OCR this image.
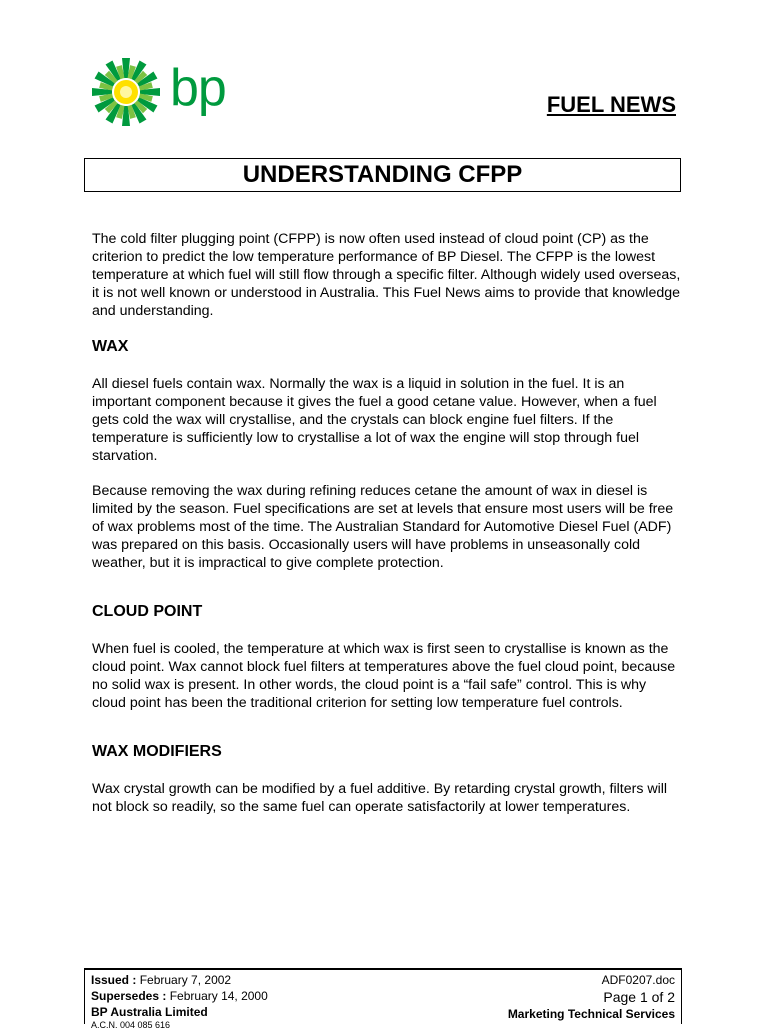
bp	FUEL NEWS
UNDERSTANDING CFPP

The cold filter plugging point (CFPP) is now often used instead of cloud point (CP) as the criterion to predict the low temperature performance of BP Diesel. The CFPP is the lowest temperature at which fuel will still flow through a specific filter. Although widely used overseas, it is not well known or understood in Australia. This Fuel News aims to provide that knowledge and understanding.

WAX

All diesel fuels contain wax. Normally the wax is a liquid in solution in the fuel. It is an important component because it gives the fuel a good cetane value. However, when a fuel gets cold the wax will crystallise, and the crystals can block engine fuel filters. If the temperature is sufficiently low to crystallise a lot of wax the engine will stop through fuel starvation.

Because removing the wax during refining reduces cetane the amount of wax in diesel is limited by the season. Fuel specifications are set at levels that ensure most users will be free of wax problems most of the time. The Australian Standard for Automotive Diesel Fuel (ADF) was prepared on this basis. Occasionally users will have problems in unseasonally cold weather, but it is impractical to give complete protection.

CLOUD POINT

When fuel is cooled, the temperature at which wax is first seen to crystallise is known as the cloud point. Wax cannot block fuel filters at temperatures above the fuel cloud point, because no solid wax is present. In other words, the cloud point is a “fail safe” control. This is why cloud point has been the traditional criterion for setting low temperature fuel controls.

WAX MODIFIERS

Wax crystal growth can be modified by a fuel additive. By retarding crystal growth, filters will not block so readily, so the same fuel can operate satisfactorily at lower temperatures.

Issued : February 7, 2002
Supersedes : February 14, 2000
BP Australia Limited
A.C.N. 004 085 616
ADF0207.doc
Page 1 of 2
Marketing Technical Services
